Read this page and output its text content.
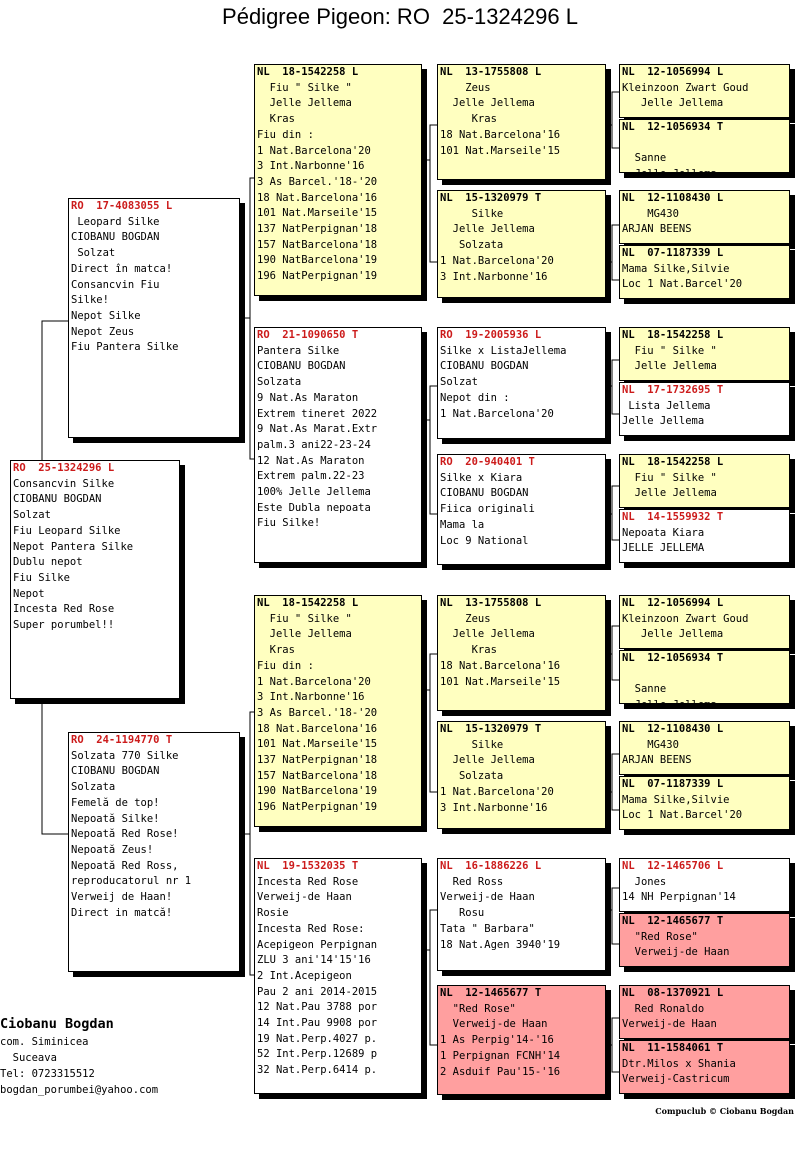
Pédigree Pigeon: RO  25-1324296 L
RO  25-1324296 L
Consancvin Silke
CIOBANU BOGDAN
Solzat
Fiu Leopard Silke
Nepot Pantera Silke
Dublu nepot
Fiu Silke
Nepot
Incesta Red Rose
Super porumbel!!
RO  17-4083055 L
Leopard Silke
CIOBANU BOGDAN
Solzat
Direct în matca!
Consancvin Fiu
Silke!
Nepot Silke
Nepot Zeus
Fiu Pantera Silke
RO  24-1194770 T
Solzata 770 Silke
CIOBANU BOGDAN
Solzata
Femelă de top!
Nepoată Silke!
Nepoată Red Rose!
Nepoată Zeus!
Nepoată Red Ross,
reproducatorul nr 1
Verweij de Haan!
Direct in matcă!
NL  18-1542258 L
Fiu " Silke "
Jelle Jellema
Kras
Fiu din :
1 Nat.Barcelona'20
3 Int.Narbonne'16
3 As Barcel.'18-'20
18 Nat.Barcelona'16
101 Nat.Marseile'15
137 NatPerpignan'18
157 NatBarcelona'18
190 NatBarcelona'19
196 NatPerpignan'19
RO  21-1090650 T
Pantera Silke
CIOBANU BOGDAN
Solzata
9 Nat.As Maraton
Extrem tineret 2022
9 Nat.As Marat.Extr
palm.3 ani22-23-24
12 Nat.As Maraton
Extrem palm.22-23
100% Jelle Jellema
Este Dubla nepoata
Fiu Silke!
NL  18-1542258 L
Fiu " Silke "
Jelle Jellema
Kras
Fiu din :
1 Nat.Barcelona'20
3 Int.Narbonne'16
3 As Barcel.'18-'20
18 Nat.Barcelona'16
101 Nat.Marseile'15
137 NatPerpignan'18
157 NatBarcelona'18
190 NatBarcelona'19
196 NatPerpignan'19
NL  19-1532035 T
Incesta Red Rose
Verweij-de Haan
Rosie
Incesta Red Rose:
Acepigeon Perpignan
ZLU 3 ani'14'15'16
2 Int.Acepigeon
Pau 2 ani 2014-2015
12 Nat.Pau 3788 por
14 Int.Pau 9908 por
19 Nat.Perp.4027 p.
52 Int.Perp.12689 p
32 Nat.Perp.6414 p.
NL  13-1755808 L
Zeus
Jelle Jellema
Kras
18 Nat.Barcelona'16
101 Nat.Marseile'15
NL  15-1320979 T
Silke
Jelle Jellema
Solzata
1 Nat.Barcelona'20
3 Int.Narbonne'16
RO  19-2005936 L
Silke x ListaJellema
CIOBANU BOGDAN
Solzat
Nepot din :
1 Nat.Barcelona'20
RO  20-940401 T
Silke x Kiara
CIOBANU BOGDAN
Fiica originali
Mama la
Loc 9 National
NL  13-1755808 L
Zeus
Jelle Jellema
Kras
18 Nat.Barcelona'16
101 Nat.Marseile'15
NL  15-1320979 T
Silke
Jelle Jellema
Solzata
1 Nat.Barcelona'20
3 Int.Narbonne'16
NL  16-1886226 L
Red Ross
Verweij-de Haan
Rosu
Tata " Barbara"
18 Nat.Agen 3940'19
NL  12-1465677 T
"Red Rose"
Verweij-de Haan
1 As Perpig'14-'16
1 Perpignan FCNH'14
2 Asduif Pau'15-'16
NL  12-1056994 L
Kleinzoon Zwart Goud
Jelle Jellema
NL  12-1056934 T

Sanne
Jelle Jellema
NL  12-1108430 L
MG430
ARJAN BEENS
NL  07-1187339 L
Mama Silke,Silvie
Loc 1 Nat.Barcel'20
NL  18-1542258 L
Fiu " Silke "
Jelle Jellema
NL  17-1732695 T
Lista Jellema
Jelle Jellema
NL  18-1542258 L
Fiu " Silke "
Jelle Jellema
NL  14-1559932 T
Nepoata Kiara
JELLE JELLEMA
NL  12-1056994 L
Kleinzoon Zwart Goud
Jelle Jellema
NL  12-1056934 T

Sanne
Jelle Jellema
NL  12-1108430 L
MG430
ARJAN BEENS
NL  07-1187339 L
Mama Silke,Silvie
Loc 1 Nat.Barcel'20
NL  12-1465706 L
Jones
14 NH Perpignan'14
NL  12-1465677 T
"Red Rose"
Verweij-de Haan
NL  08-1370921 L
Red Ronaldo
Verweij-de Haan
NL  11-1584061 T
Dtr.Milos x Shania
Verweij-Castricum
Ciobanu Bogdan
com. Siminicea
Suceava
Tel: 0723315512
bogdan_porumbei@yahoo.com
Compuclub © Ciobanu Bogdan
